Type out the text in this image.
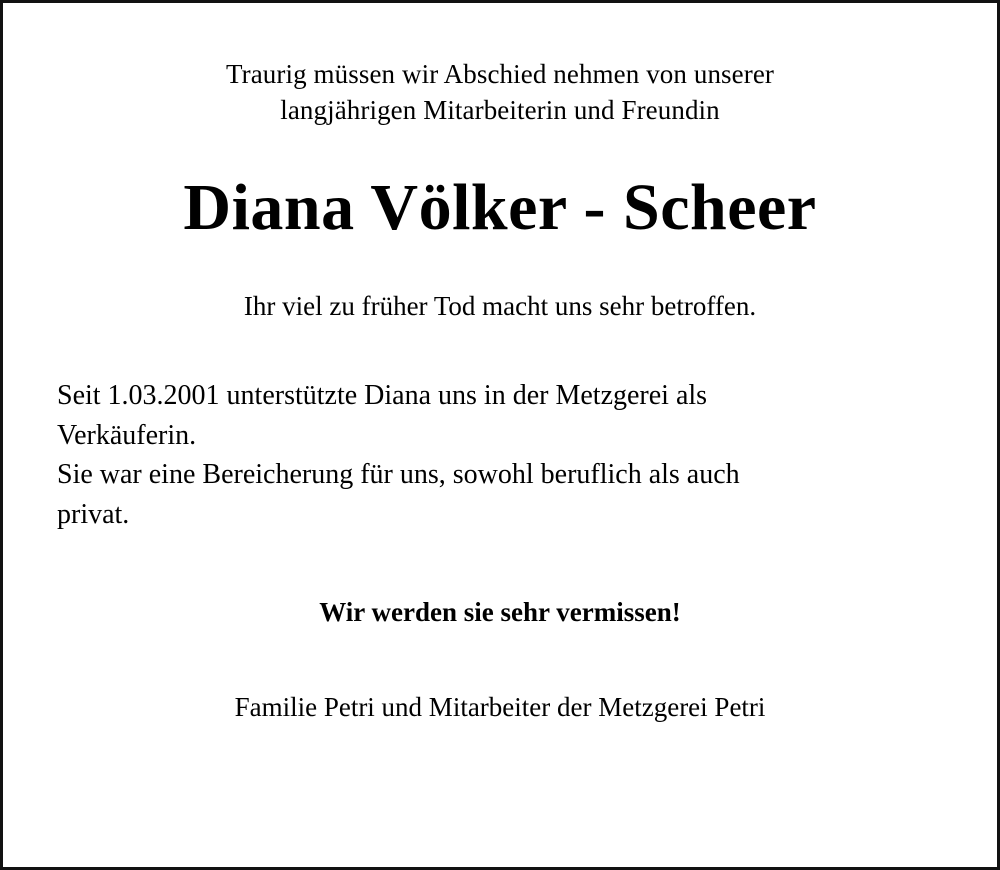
Traurig müssen wir Abschied nehmen von unserer
langjährigen Mitarbeiterin und Freundin
Diana Völker - Scheer
Ihr viel zu früher Tod macht uns sehr betroffen.
Seit 1.03.2001 unterstützte Diana uns in der Metzgerei als
Verkäuferin.
Sie war eine Bereicherung für uns, sowohl beruflich als auch
privat.
Wir werden sie sehr vermissen!
Familie Petri und Mitarbeiter der Metzgerei Petri
